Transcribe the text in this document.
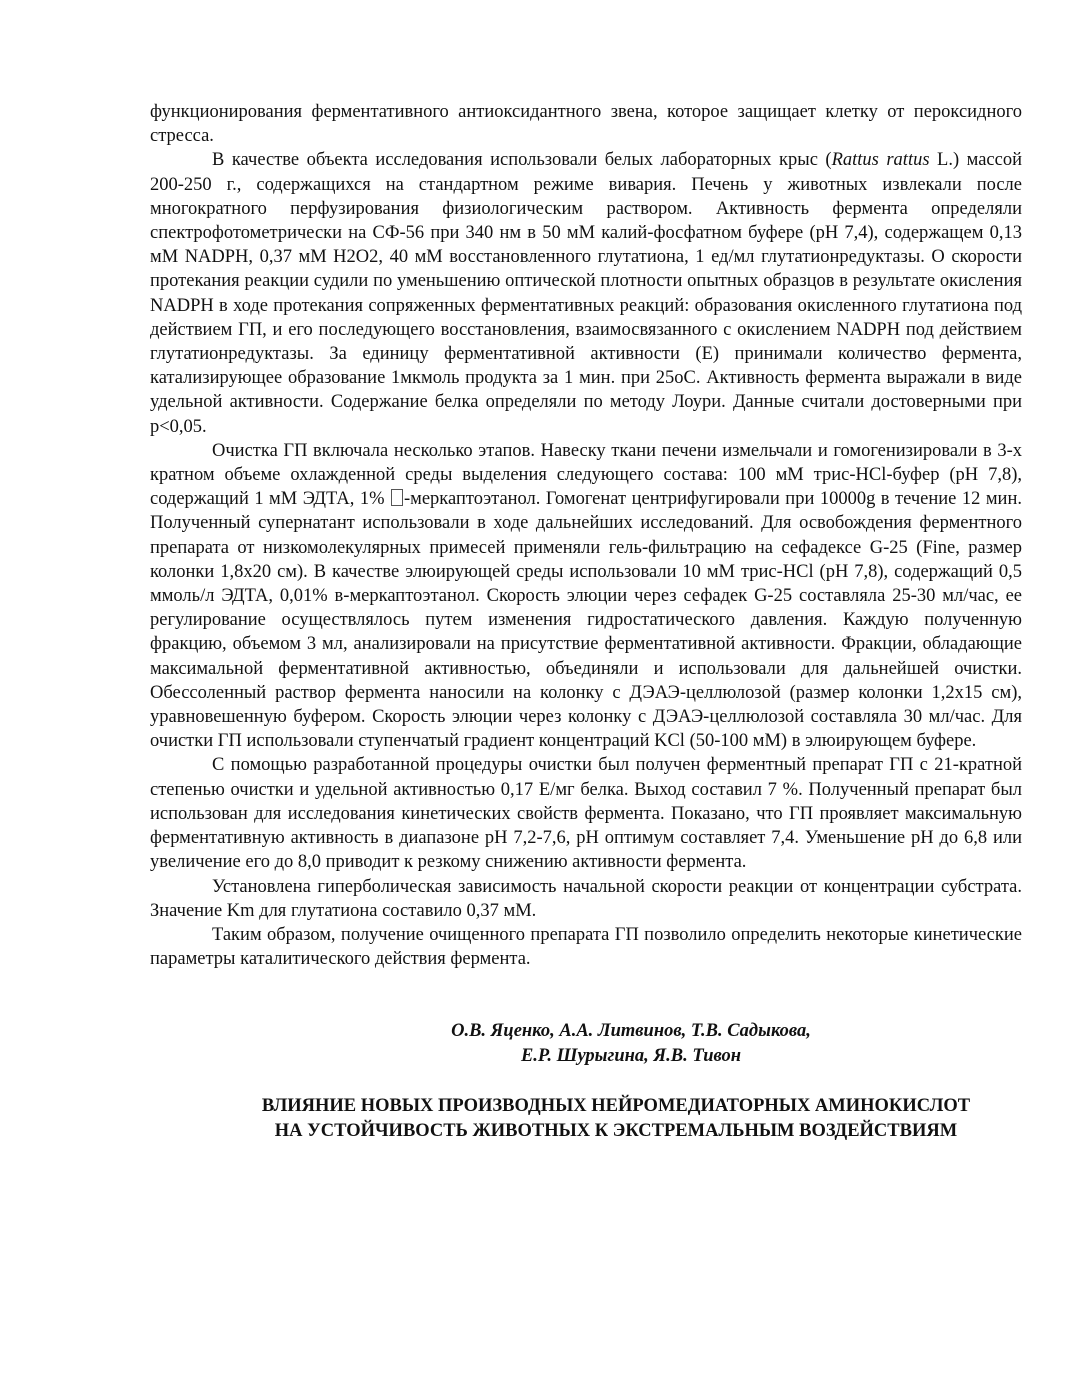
функционирования ферментативного антиоксидантного звена, которое защищает клетку от пероксидного стресса.

В качестве объекта исследования использовали белых лабораторных крыс (Rattus rattus L.) массой 200-250 г., содержащихся на стандартном режиме вивария. Печень у животных извлекали после многократного перфузирования физиологическим раствором. Активность фермента определяли спектрофотометрически на СФ-56 при 340 нм в 50 мМ калий-фосфатном буфере (рН 7,4), содержащем 0,13 мМ NADPH, 0,37 мМ H2O2, 40 мМ восстановленного глутатиона, 1 ед/мл глутатионредуктазы. О скорости протекания реакции судили по уменьшению оптической плотности опытных образцов в результате окисления NADPH в ходе протекания сопряженных ферментативных реакций: образования окисленного глутатиона под действием ГП, и его последующего восстановления, взаимосвязанного с окислением NADPH под действием глутатионредуктазы. За единицу ферментативной активности (Е) принимали количество фермента, катализирующее образование 1мкмоль продукта за 1 мин. при 25оС. Активность фермента выражали в виде удельной активности. Содержание белка определяли по методу Лоури. Данные считали достоверными при р<0,05.

Очистка ГП включала несколько этапов. Навеску ткани печени измельчали и гомогенизировали в 3-х кратном объеме охлажденной среды выделения следующего состава: 100 мМ трис-HCl-буфер (рН 7,8), содержащий 1 мМ ЭДТА, 1% -меркаптоэтанол. Гомогенат центрифугировали при 10000g в течение 12 мин. Полученный супернатант использовали в ходе дальнейших исследований. Для освобождения ферментного препарата от низкомолекулярных примесей применяли гель-фильтрацию на сефадексе G-25 (Fine, размер колонки 1,8х20 см). В качестве элюирующей среды использовали 10 мМ трис-HCl (рН 7,8), содержащий 0,5 ммоль/л ЭДТА, 0,01% в-меркаптоэтанол. Скорость элюции через сефадек G-25 составляла 25-30 мл/час, ее регулирование осуществлялось путем изменения гидростатического давления. Каждую полученную фракцию, объемом 3 мл, анализировали на присутствие ферментативной активности. Фракции, обладающие максимальной ферментативной активностью, объединяли и использовали для дальнейшей очистки. Обессоленный раствор фермента наносили на колонку с ДЭАЭ-целлюлозой (размер колонки 1,2х15 см), уравновешенную буфером. Скорость элюции через колонку с ДЭАЭ-целлюлозой составляла 30 мл/час. Для очистки ГП использовали ступенчатый градиент концентраций KCl (50-100 мМ) в элюирующем буфере.

С помощью разработанной процедуры очистки был получен ферментный препарат ГП с 21-кратной степенью очистки и удельной активностью 0,17 Е/мг белка. Выход составил 7 %. Полученный препарат был использован для исследования кинетических свойств фермента. Показано, что ГП проявляет максимальную ферментативную активность в диапазоне рН 7,2-7,6, рН оптимум составляет 7,4. Уменьшение рН до 6,8 или увеличение его до 8,0 приводит к резкому снижению активности фермента.

Установлена гиперболическая зависимость начальной скорости реакции от концентрации субстрата. Значение Km для глутатиона составило 0,37 мМ.

Таким образом, получение очищенного препарата ГП позволило определить некоторые кинетические параметры каталитического действия фермента.

О.В. Яценко, А.А. Литвинов, Т.В. Садыкова,
Е.Р. Шурыгина, Я.В. Тивон
ВЛИЯНИЕ НОВЫХ ПРОИЗВОДНЫХ НЕЙРОМЕДИАТОРНЫХ АМИНОКИСЛОТ
НА УСТОЙЧИВОСТЬ ЖИВОТНЫХ К ЭКСТРЕМАЛЬНЫМ ВОЗДЕЙСТВИЯМ
